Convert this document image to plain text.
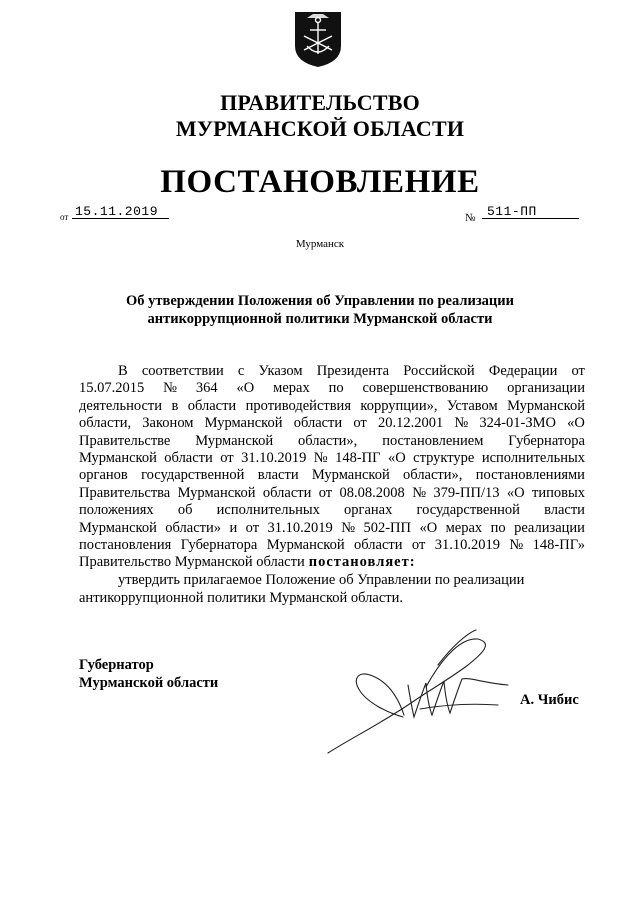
ПРАВИТЕЛЬСТВО
МУРМАНСКОЙ ОБЛАСТИ
ПОСТАНОВЛЕНИЕ
от 15.11.2019	№ 511-ПП
Мурманск
Об утверждении Положения об Управлении по реализации
антикоррупционной политики Мурманской области
В соответствии с Указом Президента Российской Федерации от
15.07.2015 № 364 «О мерах по совершенствованию организации
деятельности в области противодействия коррупции», Уставом Мурманской
области, Законом Мурманской области от 20.12.2001 № 324-01-ЗМО «О
Правительстве Мурманской области», постановлением Губернатора
Мурманской области от 31.10.2019 № 148-ПГ «О структуре исполнительных
органов государственной власти Мурманской области», постановлениями
Правительства Мурманской области от 08.08.2008 № 379-ПП/13 «О типовых
положениях об исполнительных органах государственной власти
Мурманской области» и от 31.10.2019 № 502-ПП «О мерах по реализации
постановления Губернатора Мурманской области от 31.10.2019 № 148-ПГ»
Правительство Мурманской области постановляет:
утвердить прилагаемое Положение об Управлении по реализации
антикоррупционной политики Мурманской области.
Губернатор
Мурманской области
А. Чибис
